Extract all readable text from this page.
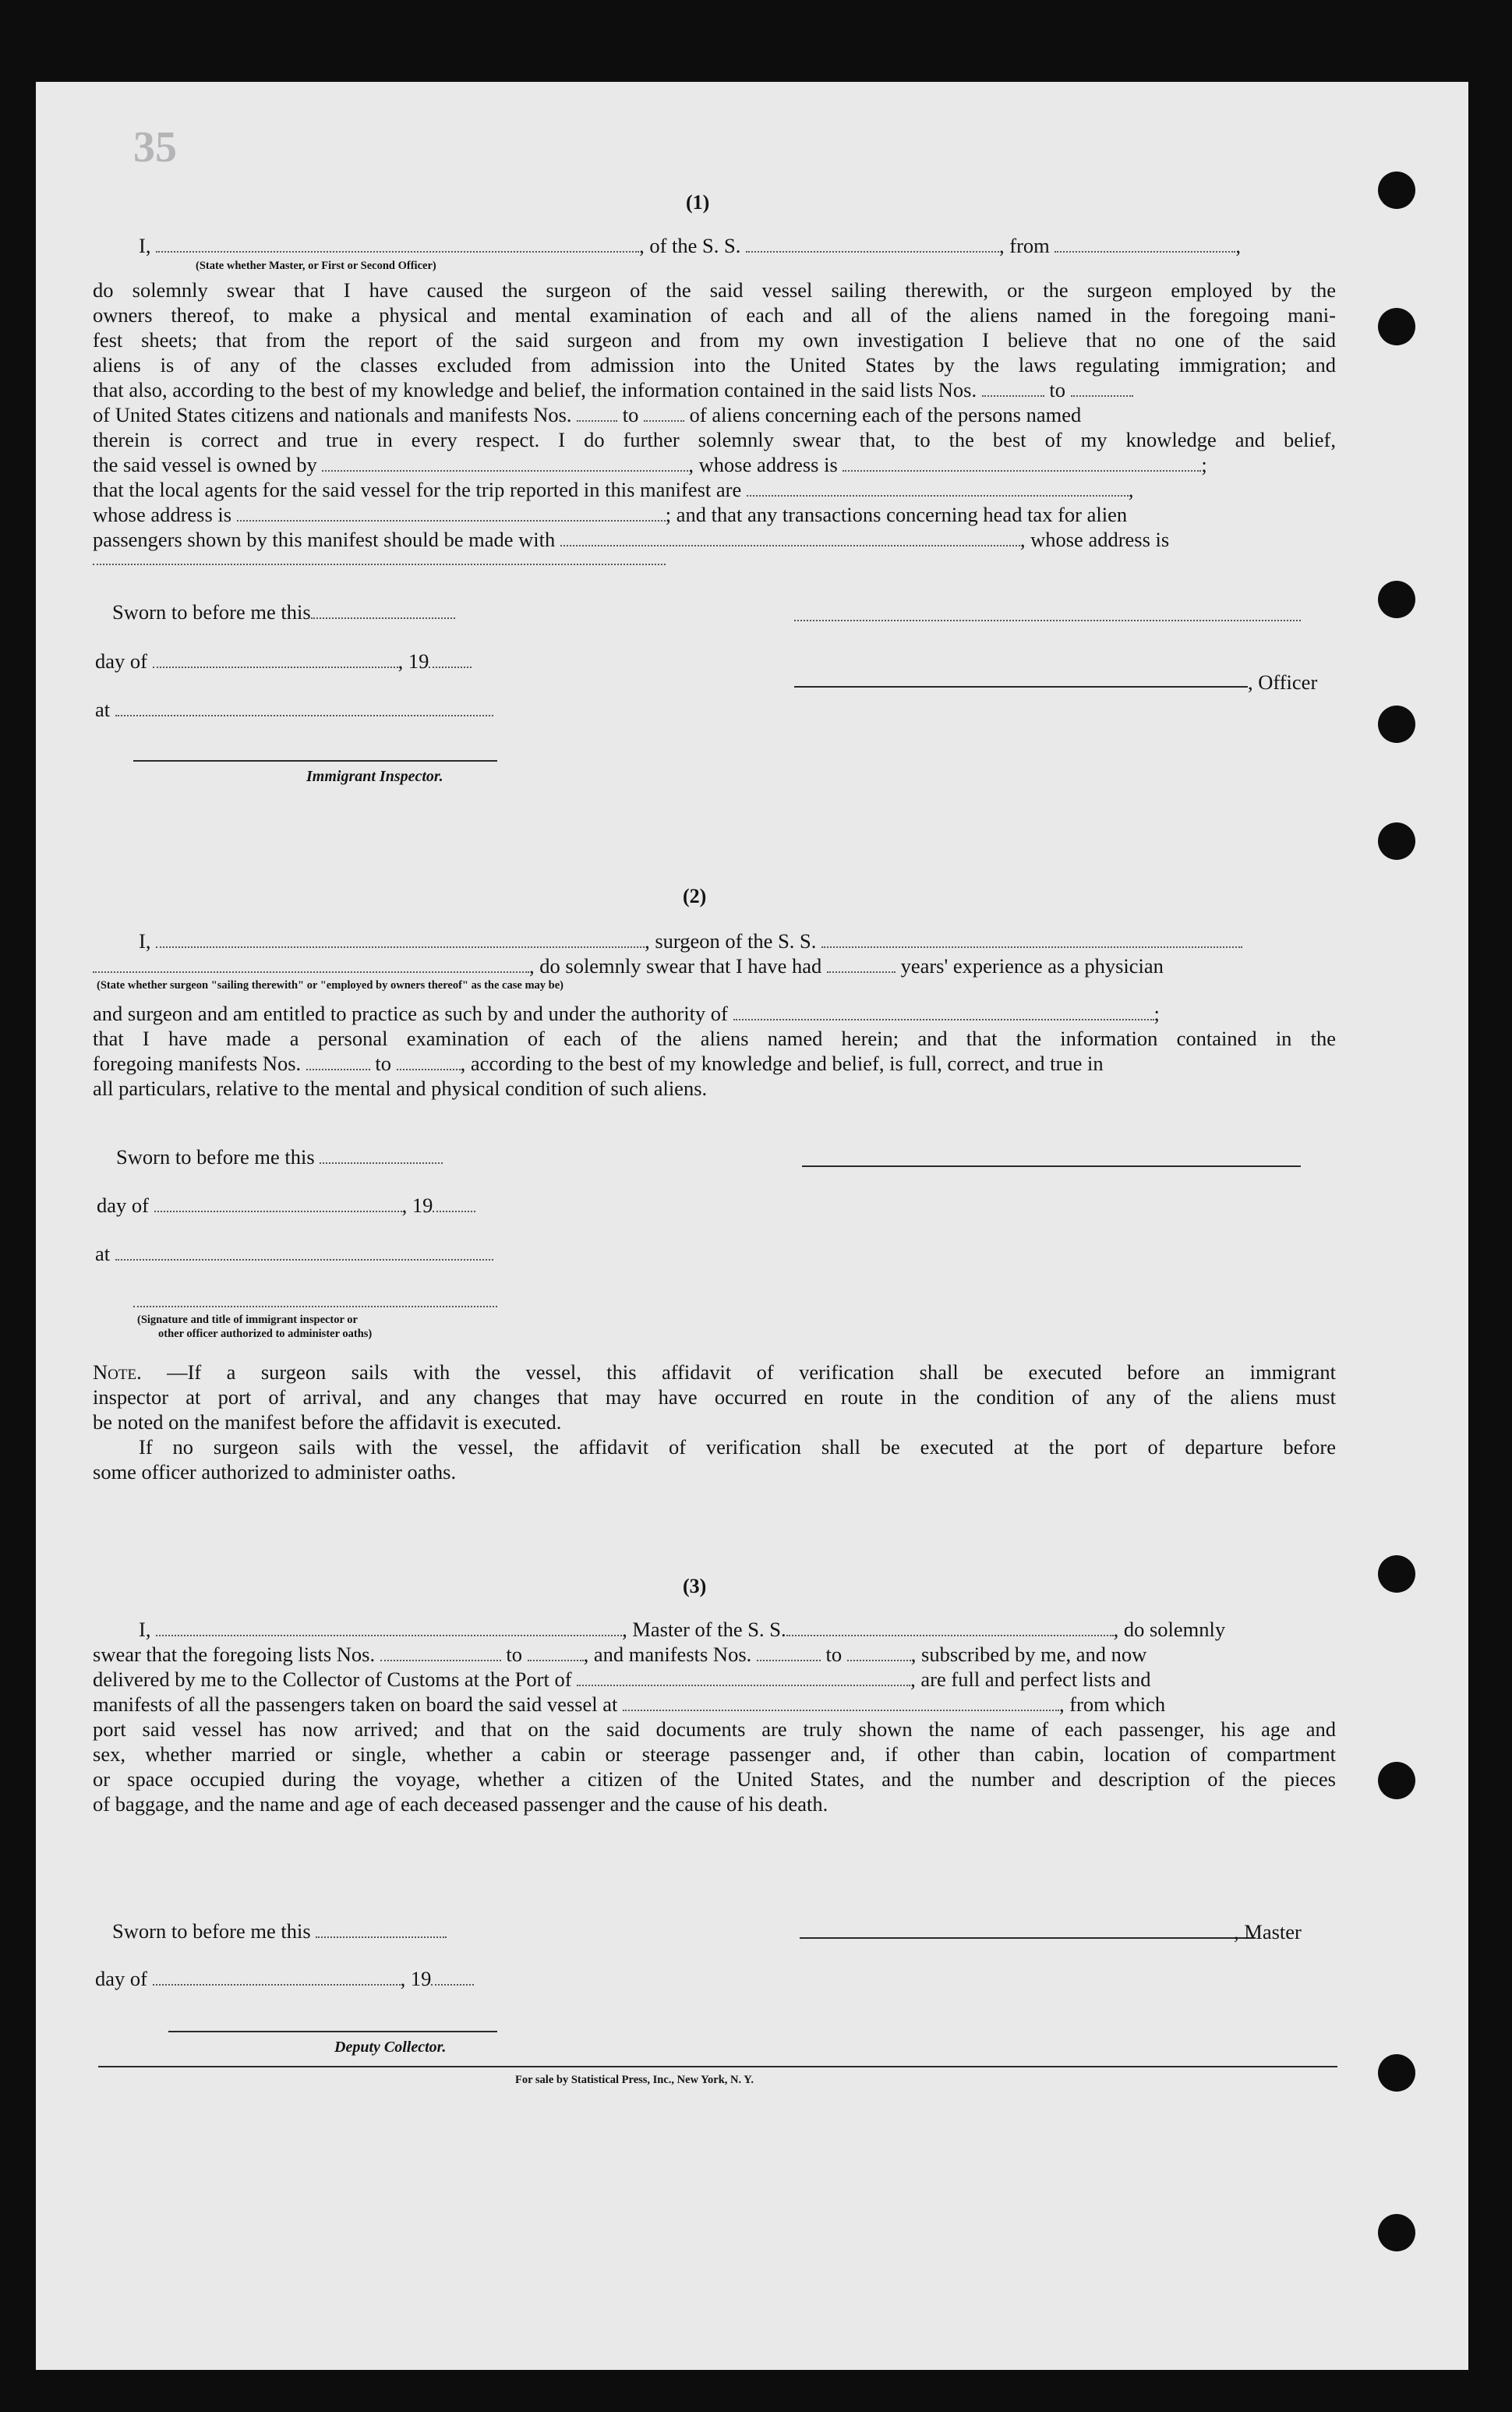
35
(1)
I,	, of the S. S.	, from	,
(State whether Master, or First or Second Officer)
do solemnly swear that I have caused the surgeon of the said vessel sailing therewith, or the surgeon employed by the
owners thereof, to make a physical and mental examination of each and all of the aliens named in the foregoing mani-
fest sheets; that from the report of the said surgeon and from my own investigation I believe that no one of the said
aliens is of any of the classes excluded from admission into the United States by the laws regulating immigration; and
that also, according to the best of my knowledge and belief, the information contained in the said lists Nos.	to
of United States citizens and nationals and manifests Nos. to of aliens concerning each of the persons named
therein is correct and true in every respect. I do further solemnly swear that, to the best of my knowledge and belief,
the said vessel is owned by	, whose address is	;
that the local agents for the said vessel for the trip reported in this manifest are	,
whose address is	; and that any transactions concerning head tax for alien
passengers shown by this manifest should be made with	, whose address is
Sworn to before me this
day of	, 19
at
Immigrant Inspector.
, Officer
(2)
I,	, surgeon of the S. S.
, do solemnly swear that I have had	years' experience as a physician
(State whether surgeon "sailing therewith" or "employed by owners thereof" as the case may be)
and surgeon and am entitled to practice as such by and under the authority of	;
that I have made a personal examination of each of the aliens named herein; and that the information contained in the
foregoing manifests Nos.	to	, according to the best of my knowledge and belief, is full, correct, and true in
all particulars, relative to the mental and physical condition of such aliens.
Sworn to before me this
day of	, 19
at
(Signature and title of immigrant inspector or
other officer authorized to administer oaths)
Note. —If a surgeon sails with the vessel, this affidavit of verification shall be executed before an immigrant
inspector at port of arrival, and any changes that may have occurred en route in the condition of any of the aliens must
be noted on the manifest before the affidavit is executed.
If no surgeon sails with the vessel, the affidavit of verification shall be executed at the port of departure before
some officer authorized to administer oaths.
(3)
I,	, Master of the S. S.	, do solemnly
swear that the foregoing lists Nos.	to	, and manifests Nos.	to	, subscribed by me, and now
delivered by me to the Collector of Customs at the Port of	, are full and perfect lists and
manifests of all the passengers taken on board the said vessel at	, from which
port said vessel has now arrived; and that on the said documents are truly shown the name of each passenger, his age and
sex, whether married or single, whether a cabin or steerage passenger and, if other than cabin, location of compartment
or space occupied during the voyage, whether a citizen of the United States, and the number and description of the pieces
of baggage, and the name and age of each deceased passenger and the cause of his death.
Sworn to before me this
day of	, 19
Deputy Collector.
, Master
For sale by Statistical Press, Inc., New York, N. Y.
